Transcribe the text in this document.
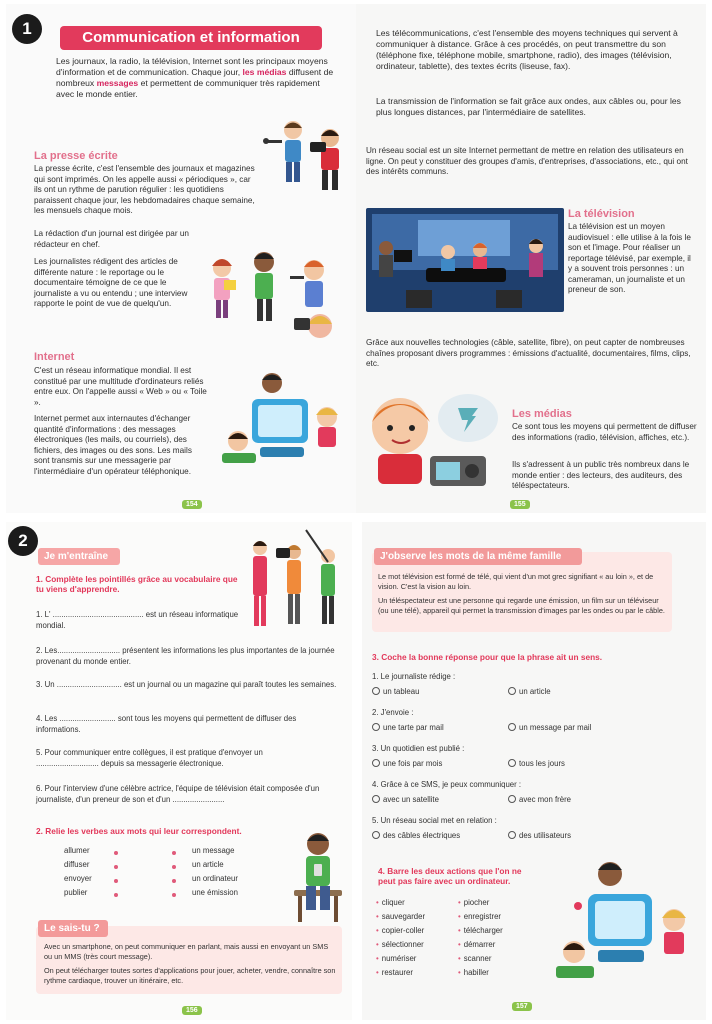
1	Communication et information
Les journaux, la radio, la télévision, Internet sont les principaux moyens d'information et de communication. Chaque jour, les médias diffusent de nombreux messages et permettent de communiquer très rapidement avec le monde entier.
La presse écrite
La presse écrite, c'est l'ensemble des journaux et magazines qui sont imprimés. On les appelle aussi « périodiques », car ils ont un rythme de parution régulier : les quotidiens paraissent chaque jour, les hebdomadaires chaque semaine, les mensuels chaque mois.
La rédaction d'un journal est dirigée par un rédacteur en chef.
Les journalistes rédigent des articles de différente nature : le reportage ou le documentaire témoigne de ce que le journaliste a vu ou entendu ; une interview rapporte le point de vue de quelqu'un.
Internet
C'est un réseau informatique mondial. Il est constitué par une multitude d'ordinateurs reliés entre eux. On l'appelle aussi « Web » ou « Toile ».
Internet permet aux internautes d'échanger quantité d'informations : des messages électroniques (les mails, ou courriels), des fichiers, des images ou des sons. Les mails sont transmis sur une messagerie par l'intermédiaire d'un opérateur téléphonique.
154
Les télécommunications, c'est l'ensemble des moyens techniques qui servent à communiquer à distance. Grâce à ces procédés, on peut transmettre du son (téléphone fixe, téléphone mobile, smartphone, radio), des images (télévision, ordinateur, tablette), des textes écrits (liseuse, fax).
La transmission de l'information se fait grâce aux ondes, aux câbles ou, pour les plus longues distances, par l'intermédiaire de satellites.
Un réseau social est un site Internet permettant de mettre en relation des utilisateurs en ligne. On peut y constituer des groupes d'amis, d'entreprises, d'associations, etc., qui ont des intérêts communs.
La télévision
La télévision est un moyen audiovisuel : elle utilise à la fois le son et l'image. Pour réaliser un reportage télévisé, par exemple, il y a souvent trois personnes : un cameraman, un journaliste et un preneur de son.
Grâce aux nouvelles technologies (câble, satellite, fibre), on peut capter de nombreuses chaînes proposant divers programmes : émissions d'actualité, documentaires, films, clips, etc.
Les médias
Ce sont tous les moyens qui permettent de diffuser des informations (radio, télévision, affiches, etc.).
Ils s'adressent à un public très nombreux dans le monde entier : des lecteurs, des auditeurs, des téléspectateurs.
155
2
Je m'entraîne
1. Complète les pointillés grâce au vocabulaire que tu viens d'apprendre.
1. L' .......................................... est un réseau informatique mondial.
2. Les............................. présentent les informations les plus importantes de la journée provenant du monde entier.
3. Un .............................. est un journal ou un magazine qui paraît toutes les semaines.
4. Les .......................... sont tous les moyens qui permettent de diffuser des informations.
5. Pour communiquer entre collègues, il est pratique d'envoyer un ............................. depuis sa messagerie électronique.
6. Pour l'interview d'une célèbre actrice, l'équipe de télévision était composée d'un journaliste, d'un preneur de son et d'un ........................
2. Relie les verbes aux mots qui leur correspondent.
allumer
diffuser
envoyer
publier
un message
un article
un ordinateur
une émission
Le sais-tu ?
Avec un smartphone, on peut communiquer en parlant, mais aussi en envoyant un SMS ou un MMS (très court message).
On peut télécharger toutes sortes d'applications pour jouer, acheter, vendre, connaître son rythme cardiaque, trouver un itinéraire, etc.
156
J'observe les mots de la même famille
Le mot télévision est formé de télé, qui vient d'un mot grec signifiant « au loin », et de vision. C'est la vision au loin.
Un téléspectateur est une personne qui regarde une émission, un film sur un téléviseur (ou une télé), appareil qui permet la transmission d'images par les ondes ou par le câble.
3. Coche la bonne réponse pour que la phrase ait un sens.
1. Le journaliste rédige :
un tableau	un article
2. J'envoie :
une tarte par mail	un message par mail
3. Un quotidien est publié :
une fois par mois	tous les jours
4. Grâce à ce SMS, je peux communiquer :
avec un satellite	avec mon frère
5. Un réseau social met en relation :
des câbles électriques	des utilisateurs
4. Barre les deux actions que l'on ne peut pas faire avec un ordinateur.
• cliquer
• sauvegarder
• copier-coller
• sélectionner
• numériser
• restaurer
• piocher
• enregistrer
• télécharger
• démarrer
• scanner
• habiller
157
